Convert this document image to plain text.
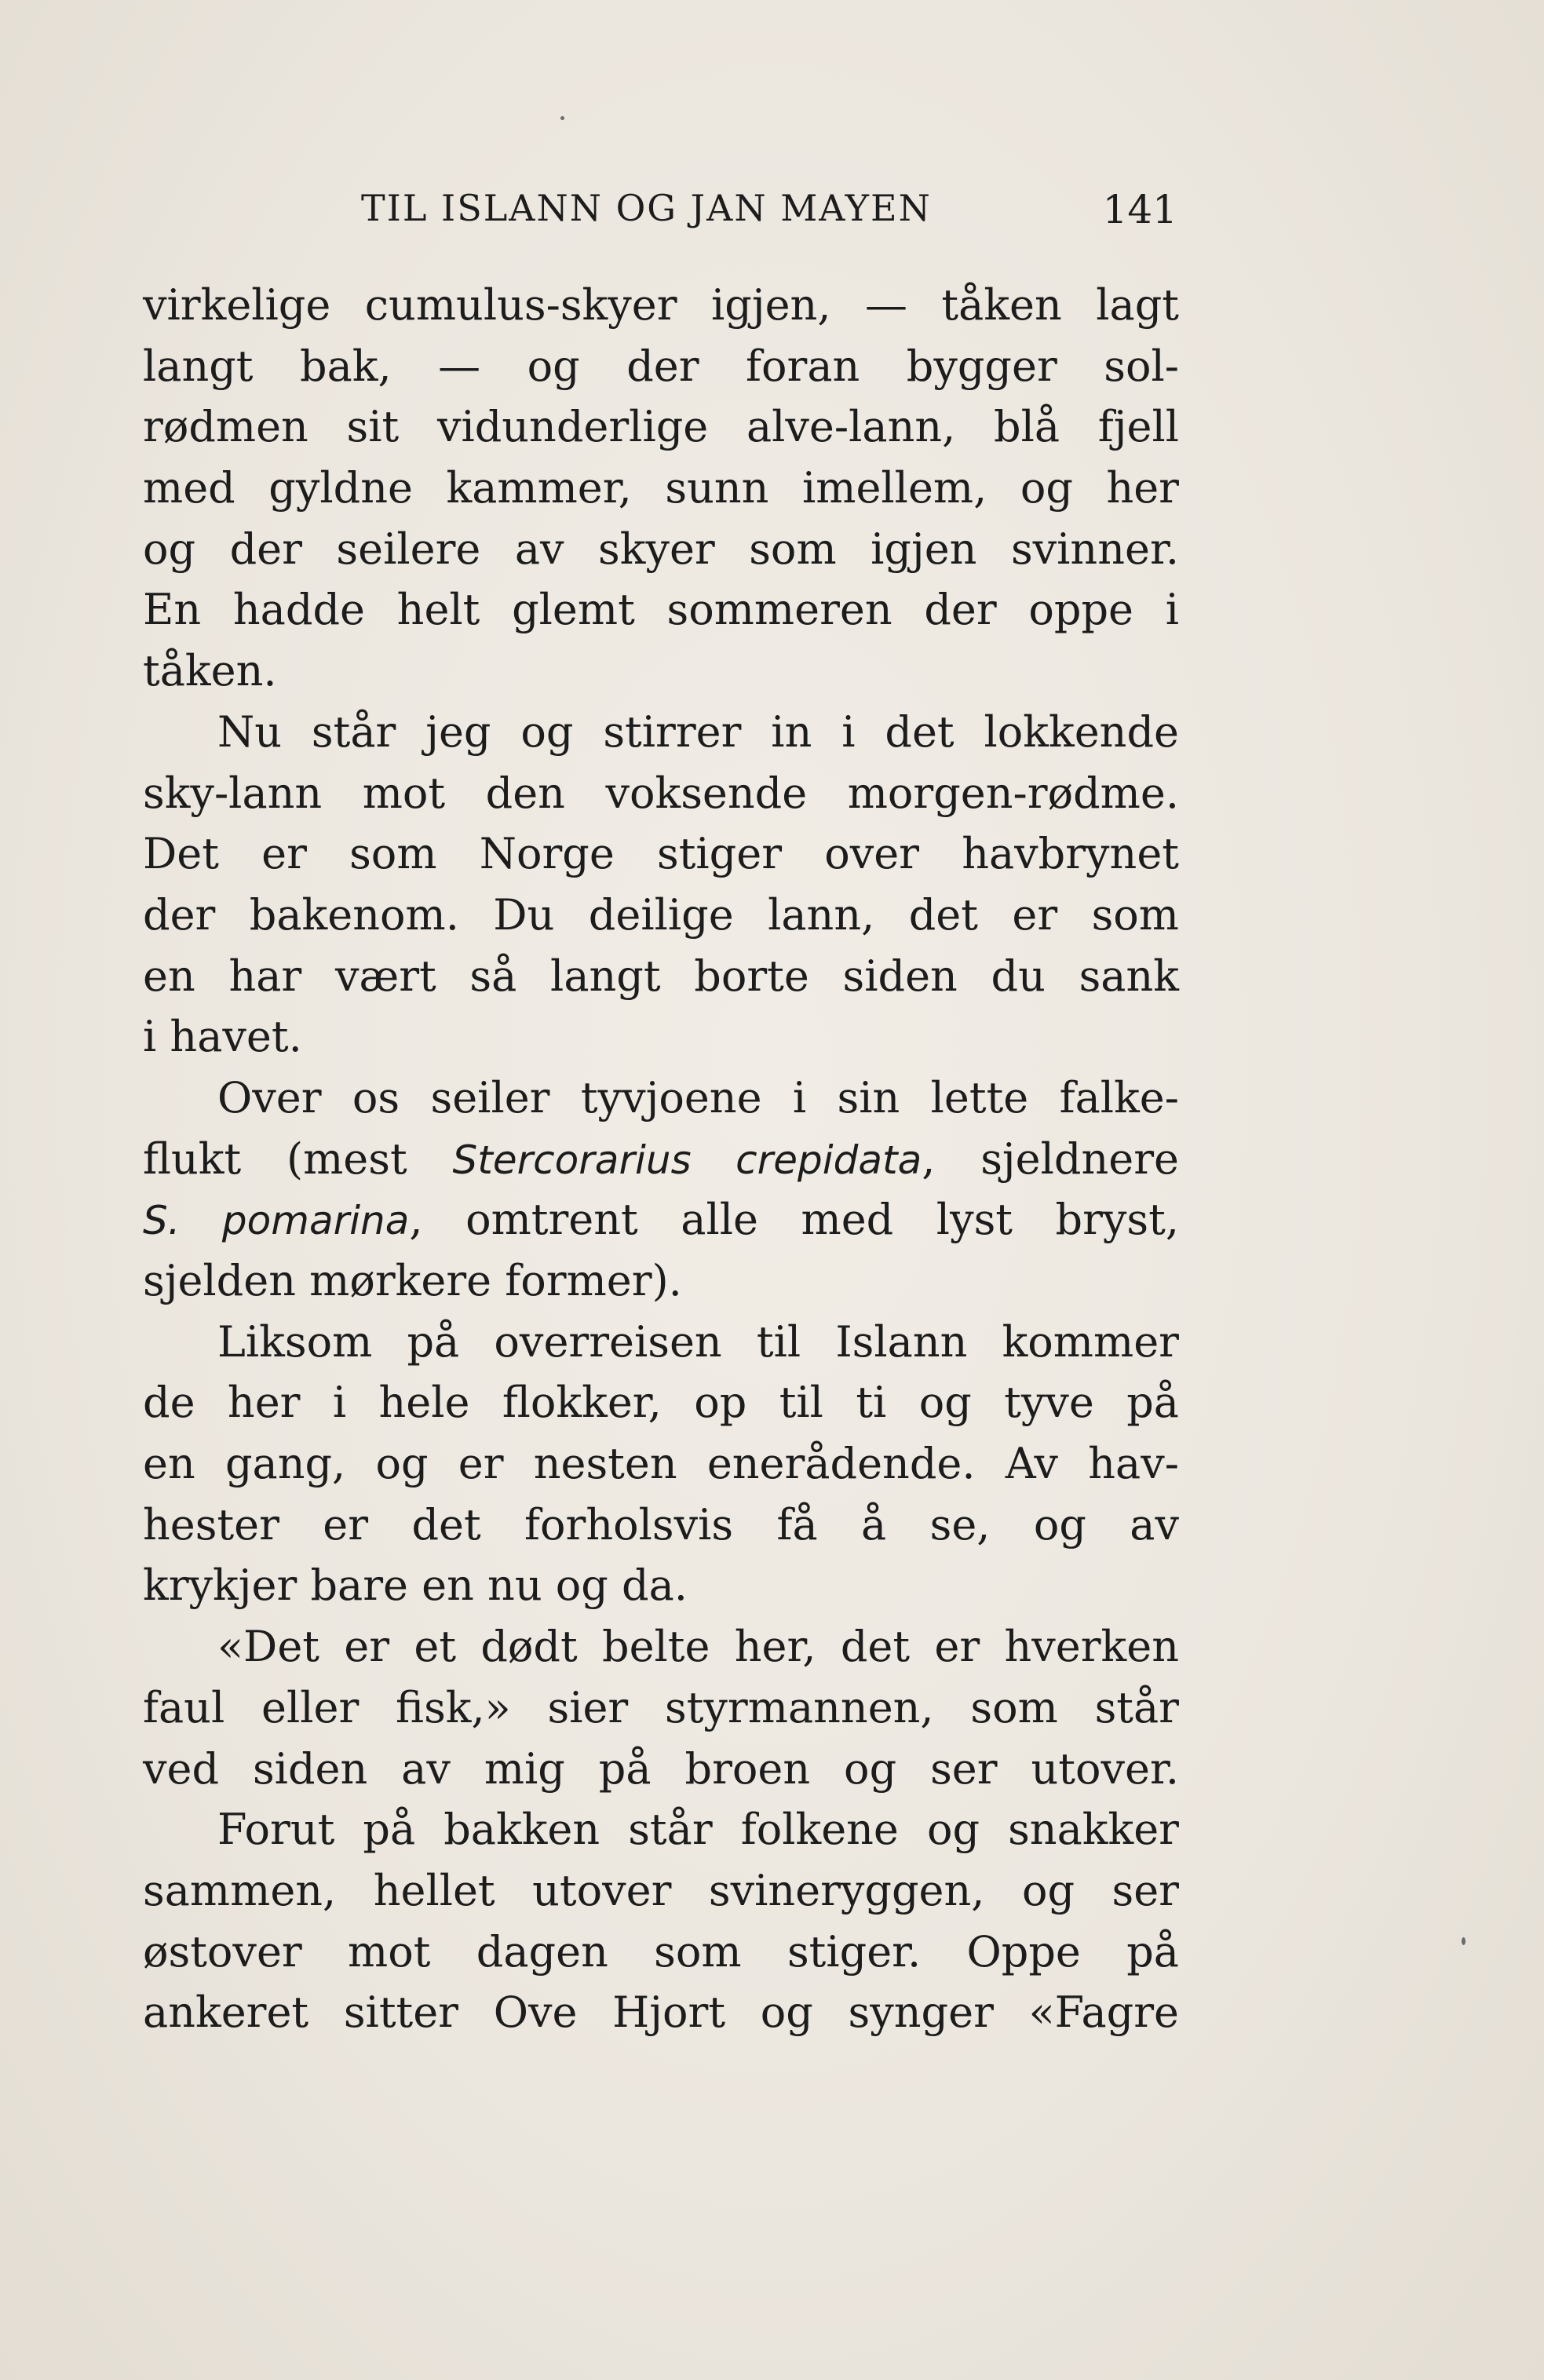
TIL ISLANN OG JAN MAYEN	141
virkelige cumulus-skyer igjen, — tåken lagt
langt bak, — og der foran bygger sol-
rødmen sit vidunderlige alve-lann, blå fjell
med gyldne kammer, sunn imellem, og her
og der seilere av skyer som igjen svinner.
En hadde helt glemt sommeren der oppe i
tåken.
Nu står jeg og stirrer in i det lokkende
sky-lann mot den voksende morgen-rødme.
Det er som Norge stiger over havbrynet
der bakenom. Du deilige lann, det er som
en har vært så langt borte siden du sank
i havet.
Over os seiler tyvjoene i sin lette falke-
flukt (mest Stercorarius crepidata, sjeldnere
S. pomarina, omtrent alle med lyst bryst,
sjelden mørkere former).
Liksom på overreisen til Islann kommer
de her i hele flokker, op til ti og tyve på
en gang, og er nesten enerådende. Av hav-
hester er det forholsvis få å se, og av
krykjer bare en nu og da.
«Det er et dødt belte her, det er hverken
faul eller fisk,» sier styrmannen, som står
ved siden av mig på broen og ser utover.
Forut på bakken står folkene og snakker
sammen, hellet utover svineryggen, og ser
østover mot dagen som stiger. Oppe på
ankeret sitter Ove Hjort og synger «Fagre
